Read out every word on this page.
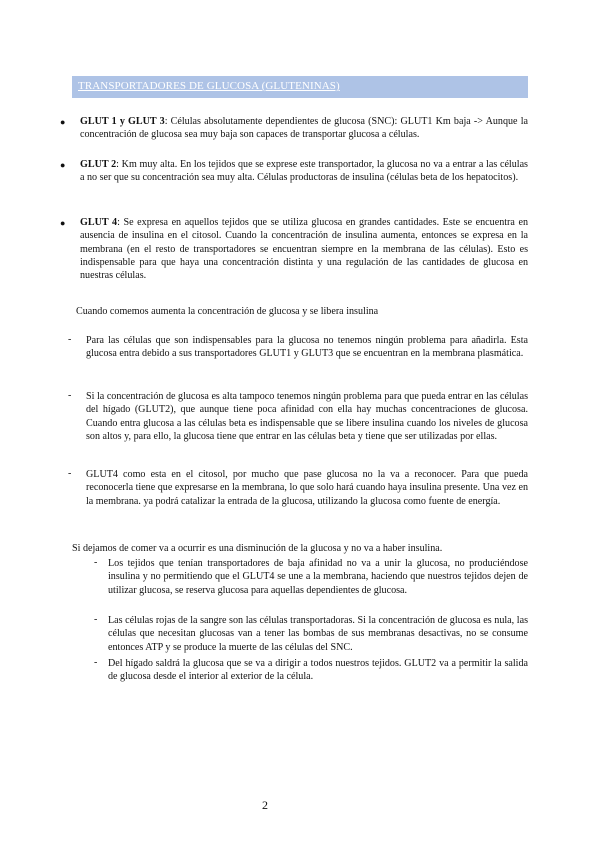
TRANSPORTADORES DE GLUCOSA (GLUTENINAS)
● GLUT 1 y GLUT 3: Células absolutamente dependientes de glucosa (SNC): GLUT1 Km baja -> Aunque la concentración de glucosa sea muy baja son capaces de transportar glucosa a células.
● GLUT 2: Km muy alta. En los tejidos que se exprese este transportador, la glucosa no va a entrar a las células a no ser que su concentración sea muy alta. Células productoras de insulina (células beta de los hepatocitos).
● GLUT 4: Se expresa en aquellos tejidos que se utiliza glucosa en grandes cantidades. Este se encuentra en ausencia de insulina en el citosol. Cuando la concentración de insulina aumenta, entonces se expresa en la membrana (en el resto de transportadores se encuentran siempre en la membrana de las células). Esto es indispensable para que haya una concentración distinta y una regulación de las cantidades de glucosa en nuestras células.
Cuando comemos aumenta la concentración de glucosa y se libera insulina
- Para las células que son indispensables para la glucosa no tenemos ningún problema para añadirla. Esta glucosa entra debido a sus transportadores GLUT1 y GLUT3 que se encuentran en la membrana plasmática.
- Si la concentración de glucosa es alta tampoco tenemos ningún problema para que pueda entrar en las células del hígado (GLUT2), que aunque tiene poca afinidad con ella hay muchas concentraciones de glucosa. Cuando entra glucosa a las células beta es indispensable que se libere insulina cuando los niveles de glucosa son altos y, para ello, la glucosa tiene que entrar en las células beta y tiene que ser utilizadas por ellas.
- GLUT4 como esta en el citosol, por mucho que pase glucosa no la va a reconocer. Para que pueda reconocerla tiene que expresarse en la membrana, lo que solo hará cuando haya insulina presente. Una vez en la membrana. ya podrá catalizar la entrada de la glucosa, utilizando la glucosa como fuente de energía.
Si dejamos de comer va a ocurrir es una disminución de la glucosa y no va a haber insulina.
- Los tejidos que tenían transportadores de baja afinidad no va a unir la glucosa, no produciéndose insulina y no permitiendo que el GLUT4 se une a la membrana, haciendo que nuestros tejidos dejen de utilizar glucosa, se reserva glucosa para aquellas dependientes de glucosa.
- Las células rojas de la sangre son las células transportadoras. Si la concentración de glucosa es nula, las células que necesitan glucosas van a tener las bombas de sus membranas desactivas, no se consume entonces ATP y se produce la muerte de las células del SNC.
- Del hígado saldrá la glucosa que se va a dirigir a todos nuestros tejidos. GLUT2 va a permitir la salida de glucosa desde el interior al exterior de la célula.
2
